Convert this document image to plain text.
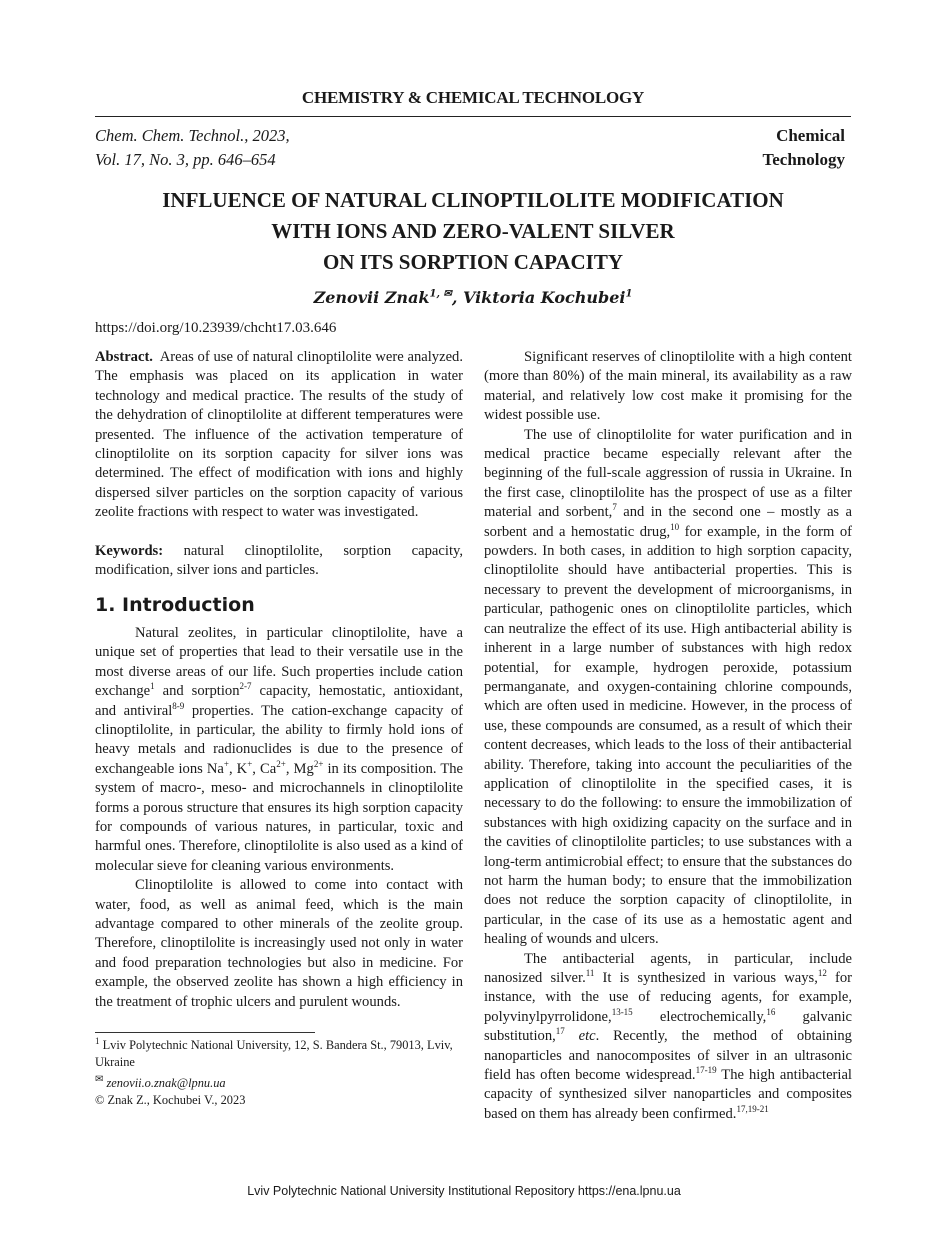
CHEMISTRY & CHEMICAL TECHNOLOGY
Chem. Chem. Technol., 2023,
Vol. 17, No. 3, pp. 646–654
Chemical
Technology
INFLUENCE OF NATURAL CLINOPTILOLITE MODIFICATION
WITH IONS AND ZERO-VALENT SILVER
ON ITS SORPTION CAPACITY
Zenovii Znak$^{1, ✉}$, Viktoria Kochubei$^1$
https://doi.org/10.23939/chcht17.03.646

Abstract. Areas of use of natural clinoptilolite were analyzed. The emphasis was placed on its application in water technology and medical practice. The results of the study of the dehydration of clinoptilolite at different temperatures were presented. The influence of the activation temperature of clinoptilolite on its sorption capacity for silver ions was determined. The effect of modification with ions and highly dispersed silver particles on the sorption capacity of various zeolite fractions with respect to water was investigated.

Keywords: natural clinoptilolite, sorption capacity, modification, silver ions and particles.

1. Introduction

Natural zeolites, in particular clinoptilolite, have a unique set of properties that lead to their versatile use in the most diverse areas of our life. Such properties include cation exchange$^1$ and sorption$^{2-7}$ capacity, hemostatic, antioxidant, and antiviral$^{8-9}$ properties. The cation-exchange capacity of clinoptilolite, in particular, the ability to firmly hold ions of heavy metals and radionuclides is due to the presence of exchangeable ions Na+, K+, $Ca^{2+}$, $Mg^{2+}$ in its composition. The system of macro-, meso- and microchannels in clinoptilolite forms a porous structure that ensures its high sorption capacity for compounds of various natures, in particular, toxic and harmful ones. Therefore, clinoptilolite is also used as a kind of molecular sieve for cleaning various environments.

Clinoptilolite is allowed to come into contact with water, food, as well as animal feed, which is the main advantage compared to other minerals of the zeolite group. Therefore, clinoptilolite is increasingly used not only in water and food preparation technologies but also in medicine. For example, the observed zeolite has shown a high efficiency in the treatment of trophic ulcers and purulent wounds.

$^1$ Lviv Polytechnic National University, 12, S. Bandera St., 79013, Lviv, Ukraine
✉ zenovii.o.znak@lpnu.ua
© Znak Z., Kochubei V., 2023

Significant reserves of clinoptilolite with a high content (more than 80%) of the main mineral, its availability as a raw material, and relatively low cost make it promising for the widest possible use.

The use of clinoptilolite for water purification and in medical practice became especially relevant after the beginning of the full-scale aggression of russia in Ukraine. In the first case, clinoptilolite has the prospect of use as a filter material and sorbent,$^7$ and in the second one – mostly as a sorbent and a hemostatic drug,$^{10}$ for example, in the form of powders. In both cases, in addition to high sorption capacity, clinoptilolite should have antibacterial properties. This is necessary to prevent the development of microorganisms, in particular, pathogenic ones on clinoptilolite particles, which can neutralize the effect of its use. High antibacterial ability is inherent in a large number of substances with high redox potential, for example, hydrogen peroxide, potassium permanganate, and oxygen-containing chlorine compounds, which are often used in medicine. However, in the process of use, these compounds are consumed, as a result of which their content decreases, which leads to the loss of their antibacterial ability. Therefore, taking into account the peculiarities of the application of clinoptilolite in the specified cases, it is necessary to do the following: to ensure the immobilization of substances with high oxidizing capacity on the surface and in the cavities of clinoptilolite particles; to use substances with a long-term antimicrobial effect; to ensure that the substances do not harm the human body; to ensure that the immobilization does not reduce the sorption capacity of clinoptilolite, in particular, in the case of its use as a hemostatic agent and healing of wounds and ulcers.

The antibacterial agents, in particular, include nanosized silver.$^{11}$ It is synthesized in various ways,$^{12}$ for instance, with the use of reducing agents, for example, polyvinylpyrrolidone,$^{13-15}$ electrochemically,$^{16}$ galvanic substitution,$^{17}$ etc. Recently, the method of obtaining nanoparticles and nanocomposites of silver in an ultrasonic field has often become widespread.$^{17-19}$ The high antibacterial capacity of synthesized silver nanoparticles and composites based on them has already been confirmed.$^{17,19-21}$

Lviv Polytechnic National University Institutional Repository https://ena.lpnu.ua
